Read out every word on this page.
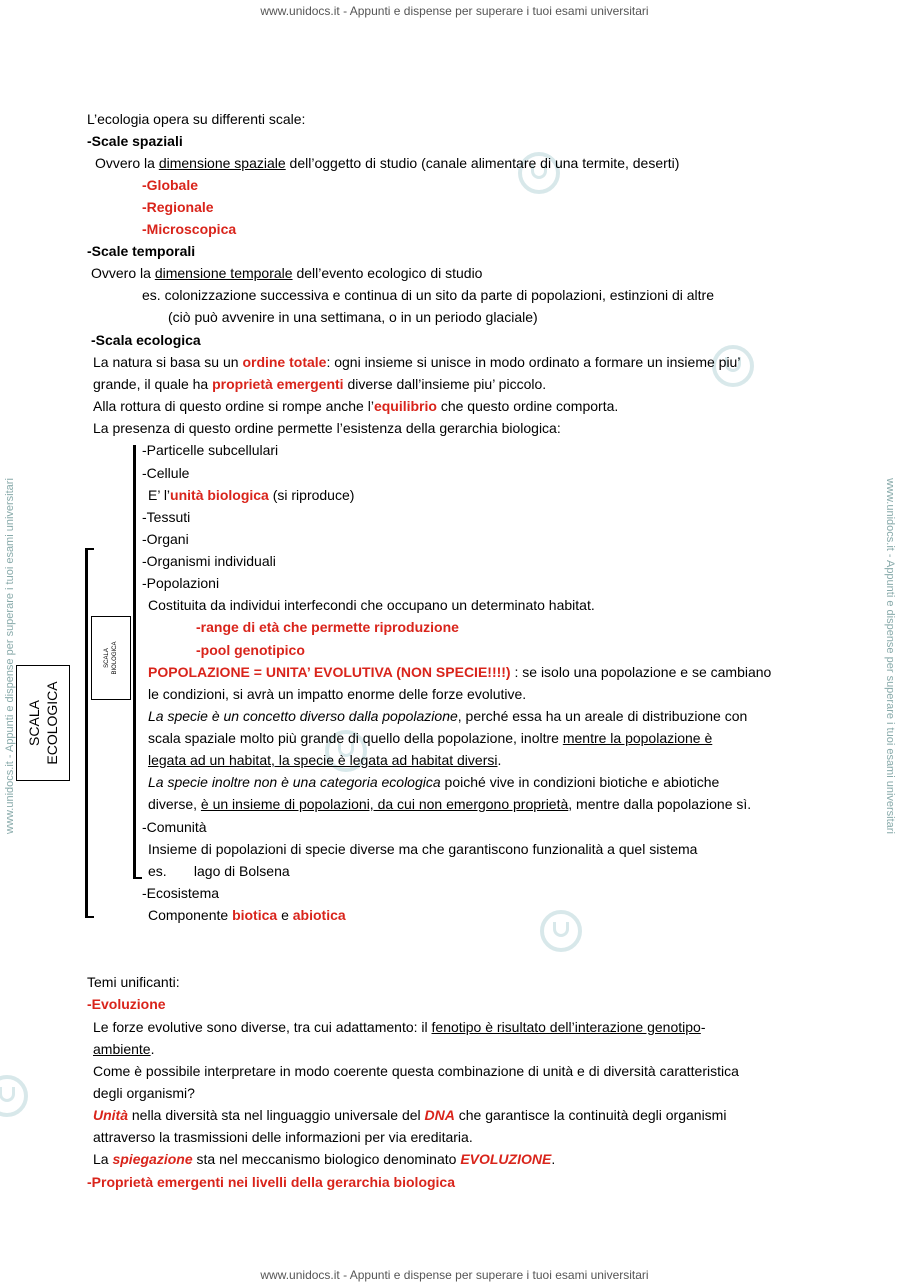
www.unidocs.it - Appunti e dispense per superare i tuoi esami universitari
www.unidocs.it - Appunti e dispense per superare i tuoi esami universitari
www.unidocs.it - Appunti e dispense per superare i tuoi esami universitari	www.unidocs.it - Appunti e dispense per superare i tuoi esami universitari
SCALA
ECOLOGICA
SCALA
BIOLOGICA
L’ecologia opera su differenti scale:
-Scale spaziali
Ovvero la dimensione spaziale dell’oggetto di studio (canale alimentare di una termite, deserti)
-Globale
-Regionale
-Microscopica
-Scale temporali
Ovvero la dimensione temporale dell’evento ecologico di studio
es. colonizzazione successiva e continua di un sito da parte di popolazioni, estinzioni di altre
(ciò può avvenire in una settimana, o in un periodo glaciale)
-Scala ecologica
La natura si basa su un ordine totale: ogni insieme si unisce in modo ordinato a formare un insieme piu’
grande, il quale ha proprietà emergenti diverse dall’insieme piu’ piccolo.
Alla rottura di questo ordine si rompe anche l’equilibrio che questo ordine comporta.
La presenza di questo ordine permette l’esistenza della gerarchia biologica:
-Particelle subcellulari
-Cellule
E’ l’unità biologica (si riproduce)
-Tessuti
-Organi
-Organismi individuali
-Popolazioni
Costituita da individui interfecondi che occupano un determinato habitat.
-range di età che permette riproduzione
-pool genotipico
POPOLAZIONE = UNITA’ EVOLUTIVA (NON SPECIE!!!!) : se isolo una popolazione e se cambiano
le condizioni, si avrà un impatto enorme delle forze evolutive.
La specie è un concetto diverso dalla popolazione, perché essa ha un areale di distribuzione con
scala spaziale molto più grande di quello della popolazione, inoltre mentre la popolazione è
legata ad un habitat, la specie è legata ad habitat diversi.
La specie inoltre non è una categoria ecologica poiché vive in condizioni biotiche e abiotiche
diverse, è un insieme di popolazioni, da cui non emergono proprietà, mentre dalla popolazione sì.
-Comunità
Insieme di popolazioni di specie diverse ma che garantiscono funzionalità a quel sistema
es.       lago di Bolsena
-Ecosistema
Componente biotica e abiotica
Temi unificanti:
-Evoluzione
Le forze evolutive sono diverse, tra cui adattamento: il fenotipo è risultato dell’interazione genotipo-
ambiente.
Come è possibile interpretare in modo coerente questa combinazione di unità e di diversità caratteristica
degli organismi?
Unità nella diversità sta nel linguaggio universale del DNA che garantisce la continuità degli organismi
attraverso la trasmissioni delle informazioni per via ereditaria.
La spiegazione sta nel meccanismo biologico denominato EVOLUZIONE.
-Proprietà emergenti nei livelli della gerarchia biologica
